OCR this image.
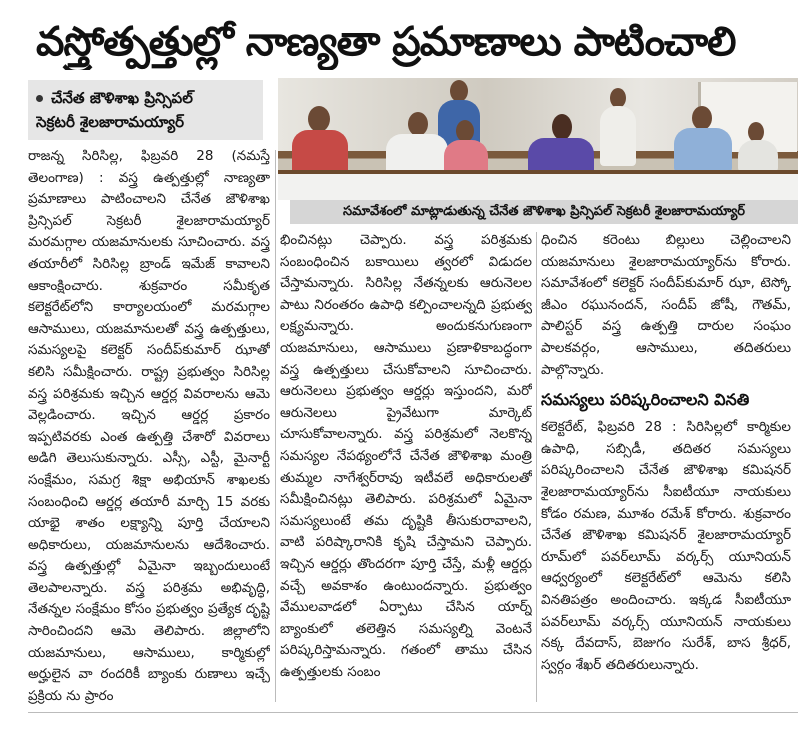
వస్త్రోత్పత్తుల్లో నాణ్యతా ప్రమాణాలు పాటించాలి
చేనేత జౌళిశాఖ ప్రిన్సిపల్
సెక్రటరీ శైలజారామయ్యార్
సమావేశంలో మాట్లాడుతున్న చేనేత జౌళిశాఖ ప్రిన్సిపల్ సెక్రటరీ శైలజారామయ్యార్

రాజన్న సిరిసిల్ల, ఫిబ్రవరి 28 (నమస్తే తెలంగాణ) : వస్త్ర ఉత్పత్తుల్లో నాణ్యతా ప్రమాణాలు పాటించాలని చేనేత జౌళిశాఖ ప్రిన్సిపల్ సెక్రటరీ శైలజారామయ్యార్ మరమగ్గాల యజమానులకు సూచించారు. వస్త్ర తయారీలో సిరిసిల్ల బ్రాండ్ ఇమేజ్ కావాలని ఆకాంక్షించారు. శుక్రవారం సమీకృత కలెక్టరేట్‌లోని కార్యాలయంలో మరమగ్గాల ఆసాములు, యజమానులతో వస్త్ర ఉత్పత్తులు, సమస్యలపై కలెక్టర్ సందీప్‌కుమార్ ఝాతో కలిసి సమీక్షించారు. రాష్ట్ర ప్రభుత్వం సిరిసిల్ల వస్త్ర పరిశ్రమకు ఇచ్చిన ఆర్డర్ల వివరాలను ఆమె వెల్లడించారు. ఇచ్చిన ఆర్డర్ల ప్రకారం ఇప్పటివరకు ఎంత ఉత్పత్తి చేశారో వివరాలు అడిగి తెలుసుకున్నారు. ఎస్సీ, ఎస్టీ, మైనార్టీ సంక్షేమం, సమగ్ర శిక్షా అభియాన్ శాఖలకు సంబంధించి ఆర్డర్ల తయారీ మార్చి 15 వరకు యాభై శాతం లక్ష్యాన్ని పూర్తి చేయాలని అధికారులు, యజమానులను ఆదేశించారు. వస్త్ర ఉత్పత్తుల్లో ఏమైనా ఇబ్బందులుంటే తెలపాలన్నారు. వస్త్ర పరిశ్రమ అభివృద్ధి, నేతన్నల సంక్షేమం కోసం ప్రభుత్వం ప్రత్యేక దృష్టి సారించిందని ఆమె తెలిపారు. జిల్లాలోని యజమానులు, ఆసాములు, కార్మికుల్లో అర్హులైన వా రందరికీ బ్యాంకు రుణాలు ఇచ్చే ప్రక్రియ ను ప్రారం

భించినట్లు చెప్పారు. వస్త్ర పరిశ్రమకు సంబంధించిన బకాయిలు త్వరలో విడుదల చేస్తామన్నారు. సిరిసిల్ల నేతన్నలకు ఆరునెలల పాటు నిరంతరం ఉపాధి కల్పించాలన్నది ప్రభుత్వ లక్ష్యమన్నారు. అందుకనుగుణంగా యజమానులు, ఆసాములు ప్రణాళికాబద్ధంగా వస్త్ర ఉత్పత్తులు చేసుకోవాలని సూచించారు. ఆరునెలలు ప్రభుత్వం ఆర్డర్లు ఇస్తుందని, మరో ఆరునెలలు ప్రైవేటుగా మార్కెట్ చూసుకోవాలన్నారు. వస్త్ర పరిశ్రమలో నెలకొన్న సమస్యల నేపథ్యంలోనే చేనేత జౌళిశాఖ మంత్రి తుమ్మల నాగేశ్వర్‌రావు ఇటీవలే అధికారులతో సమీక్షించినట్లు తెలిపారు. పరిశ్రమలో ఏమైనా సమస్యలుంటే తమ దృష్టికి తీసుకురావాలని, వాటి పరిష్కారానికి కృషి చేస్తామని చెప్పారు. ఇచ్చిన ఆర్డర్లు తొందరగా పూర్తి చేస్తే, మళ్లీ ఆర్డర్లు వచ్చే అవకాశం ఉంటుందన్నారు. ప్రభుత్వం వేములవాడలో ఏర్పాటు చేసిన యార్న్ బ్యాంకులో తలెత్తిన సమస్యల్ని వెంటనే పరిష్కరిస్తామన్నారు. గతంలో తాము చేసిన ఉత్పత్తులకు సంబం

ధించిన కరెంటు బిల్లులు చెల్లించాలని యజమానులు శైలజారామయ్యార్‌ను కోరారు. సమావేశంలో కలెక్టర్ సందీప్‌కుమార్ ఝా, టెస్కో జీఎం రఘునందన్, సందీప్ జోషీ, గౌతమ్, పాలిస్టర్ వస్త్ర ఉత్పత్తి దారుల సంఘం పాలకవర్గం, ఆసాములు, తదితరులు పాల్గొన్నారు.

సమస్యలు పరిష్కరించాలని వినతి

కలెక్టరేట్, ఫిబ్రవరి 28 : సిరిసిల్లలో కార్మికుల ఉపాధి, సబ్సిడీ, తదితర సమస్యలు పరిష్కరించాలని చేనేత జౌళిశాఖ కమిషనర్ శైలజారామయ్యార్‌ను సీఐటీయూ నాయకులు కోడం రమణ, మూశం రమేశ్ కోరారు. శుక్రవారం చేనేత జౌళిశాఖ కమిషనర్ శైలజారామయ్యార్ రూమ్‌లో పవర్‌లూమ్ వర్కర్స్ యూనియన్ ఆధ్వర్యంలో కలెక్టరేట్‌లో ఆమెను కలిసి వినతిపత్రం అందించారు. ఇక్కడ సీఐటీయూ పవర్‌లూమ్ వర్కర్స్ యూనియన్ నాయకులు నక్క దేవదాస్, బెజుగం సురేశ్, బాస శ్రీధర్, స్వర్గం శేఖర్ తదితరులున్నారు.
